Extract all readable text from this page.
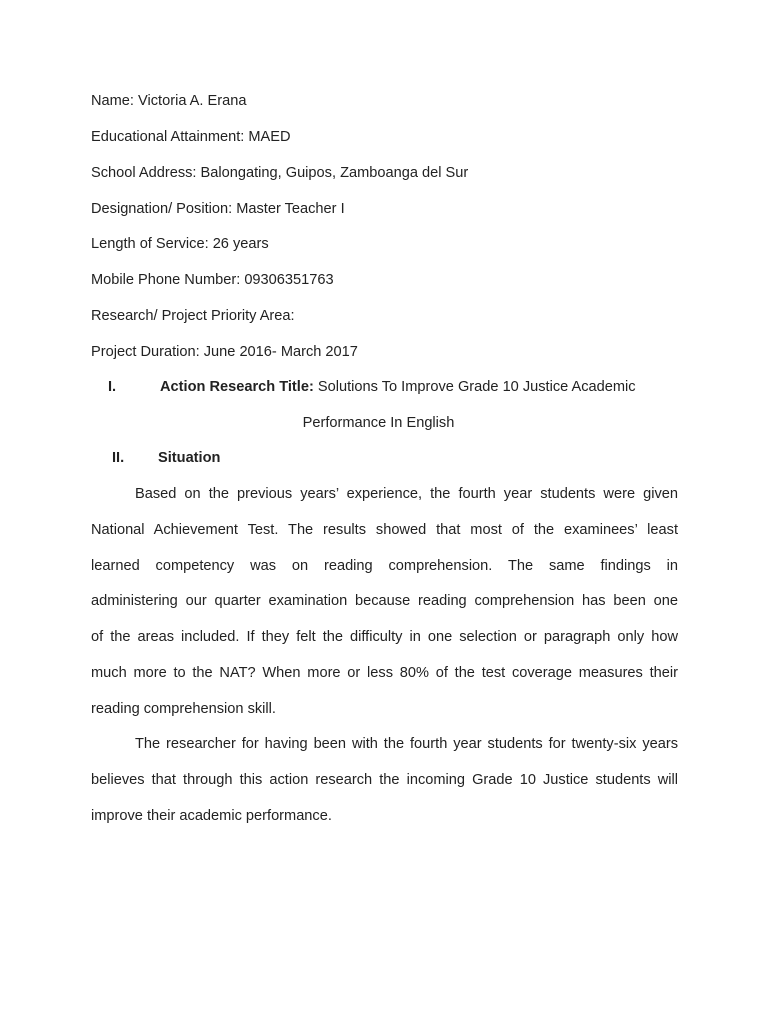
Name: Victoria A. Erana
Educational Attainment: MAED
School Address: Balongating, Guipos, Zamboanga del Sur
Designation/ Position: Master Teacher I
Length of Service: 26 years
Mobile Phone Number: 09306351763
Research/ Project Priority Area:
Project Duration: June 2016- March 2017
I.	Action Research Title: Solutions To Improve Grade 10 Justice Academic
Performance In English
II. Situation
Based on the previous years’ experience, the fourth year students were given
National Achievement Test. The results showed that most of the examinees’ least
learned competency was on reading comprehension. The same findings in
administering our quarter examination because reading comprehension has been one
of the areas included. If they felt the difficulty in one selection or paragraph only how
much more to the NAT? When more or less 80% of the test coverage measures their
reading comprehension skill.
The researcher for having been with the fourth year students for twenty-six years
believes that through this action research the incoming Grade 10 Justice students will
improve their academic performance.
